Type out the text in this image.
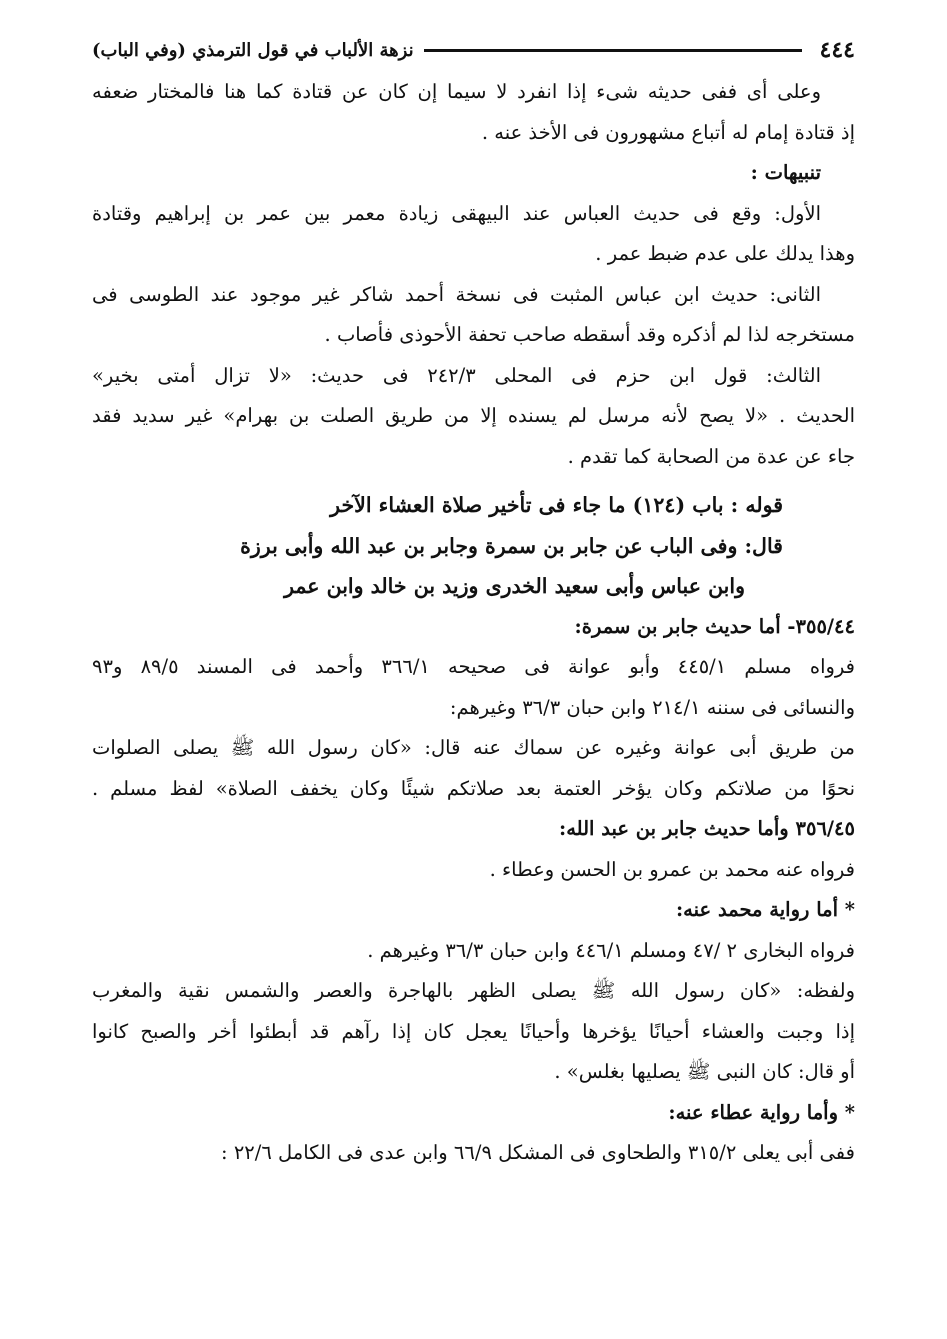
٤٤٤
نزهة الألباب في قول الترمذي (وفي الباب)
وعلى أى ففى حديثه شىء إذا انفرد لا سيما إن كان عن قتادة كما هنا فالمختار ضعفه
إذ قتادة إمام له أتباع مشهورون فى الأخذ عنه .
تنبيهات :
الأول: وقع فى حديث العباس عند البيهقى زيادة معمر بين عمر بن إبراهيم وقتادة
وهذا يدلك على عدم ضبط عمر .
الثانى: حديث ابن عباس المثبت فى نسخة أحمد شاكر غير موجود عند الطوسى فى
مستخرجه لذا لم أذكره وقد أسقطه صاحب تحفة الأحوذى فأصاب .
الثالث: قول ابن حزم فى المحلى ٢٤٢/٣ فى حديث: «لا تزال أمتى بخير»
الحديث . «لا يصح لأنه مرسل لم يسنده إلا من طريق الصلت بن بهرام» غير سديد فقد
جاء عن عدة من الصحابة كما تقدم .
قوله : باب (١٢٤) ما جاء فى تأخير صلاة العشاء الآخر
قال: وفى الباب عن جابر بن سمرة وجابر بن عبد الله وأبى برزة
وابن عباس وأبى سعيد الخدرى وزيد بن خالد وابن عمر
٣٥٥/٤٤- أما حديث جابر بن سمرة:
فرواه مسلم ٤٤٥/١ وأبو عوانة فى صحيحه ٣٦٦/١ وأحمد فى المسند ٨٩/٥ و٩٣
والنسائى فى سننه ٢١٤/١ وابن حبان ٣٦/٣ وغيرهم:
من طريق أبى عوانة وغيره عن سماك عنه قال: «كان رسول الله ﷺ يصلى الصلوات
نحوًا من صلاتكم وكان يؤخر العتمة بعد صلاتكم شيئًا وكان يخفف الصلاة» لفظ مسلم .
٣٥٦/٤٥ وأما حديث جابر بن عبد الله:
فرواه عنه محمد بن عمرو بن الحسن وعطاء .
* أما رواية محمد عنه:
فرواه البخارى ٢ /٤٧ ومسلم ٤٤٦/١ وابن حبان ٣٦/٣ وغيرهم .
ولفظه: «كان رسول الله ﷺ يصلى الظهر بالهاجرة والعصر والشمس نقية والمغرب
إذا وجبت والعشاء أحيانًا يؤخرها وأحيانًا يعجل كان إذا رآهم قد أبطئوا أخر والصبح كانوا
أو قال: كان النبى ﷺ يصليها بغلس» .
* وأما رواية عطاء عنه:
ففى أبى يعلى ٣١٥/٢ والطحاوى فى المشكل ٦٦/٩ وابن عدى فى الكامل ٢٢/٦ :
